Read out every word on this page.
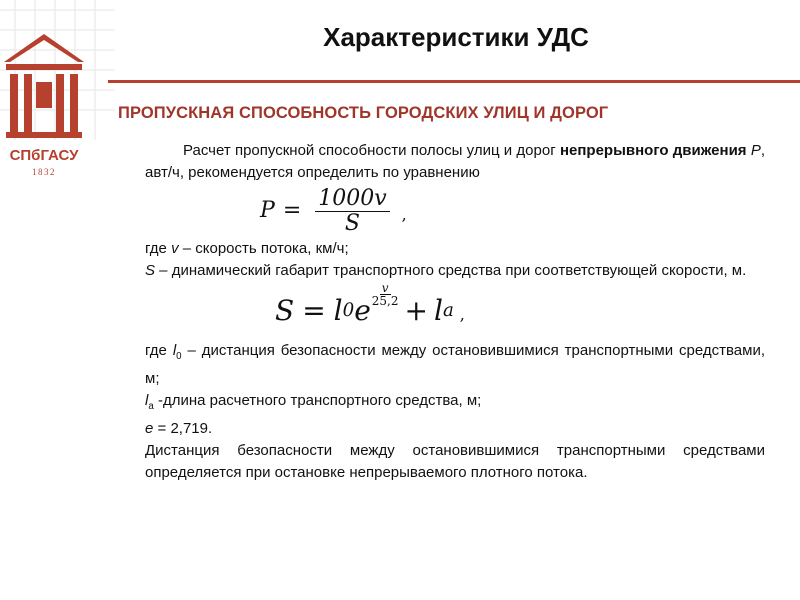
СПбГАСУ
1832
Характеристики УДС
ПРОПУСКНАЯ СПОСОБНОСТЬ ГОРОДСКИХ УЛИЦ И ДОРОГ

Расчет пропускной способности полосы улиц и дорог непрерывного движения P, авт/ч, рекомендуется определить по уравнению

$P = \frac{1000v}{S}$ ,

где v – скорость потока, км/ч;

S – динамический габарит транспортного средства при соответствующей скорости, м.

S = l 0 e
v
25,2 + l a ,

где $l_0$ – дистанция безопасности между остановившимися транспортными средствами, м;

$l_a$ -длина расчетного транспортного средства, м;

e = 2,719.

Дистанция безопасности между остановившимися транспортными средствами определяется при остановке непрерываемого плотного потока.
